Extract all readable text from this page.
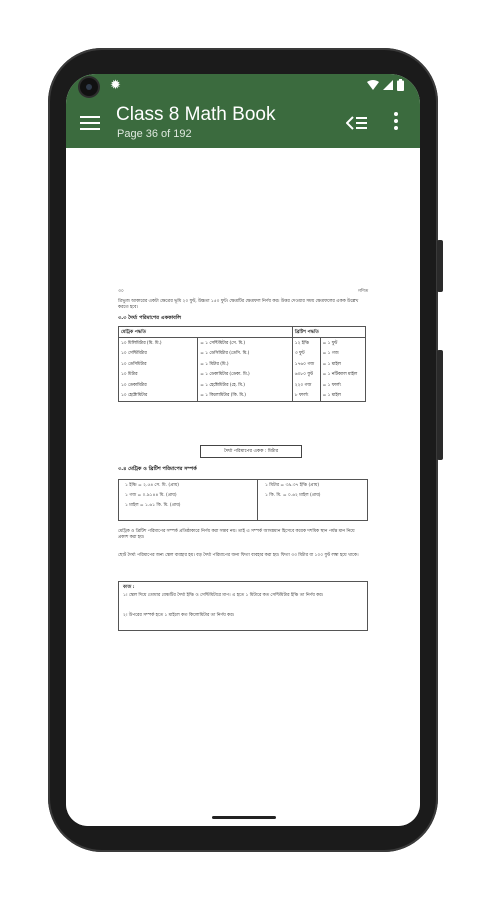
✹
Class 8 Math Book
Page 36 of 192
৩০	গণিত
ত্রিভুজ আকারের একটা ক্ষেত্রের ভূমি ২০ ফুট, উচ্চতা ১৫০ ফুট। ক্ষেত্রটির ক্ষেত্রফল নির্ণয় কর। উত্তর দেওয়ার সময় ক্ষেত্রফলের একক উল্লেখ করতে হবে।
৩.৩ দৈর্ঘ্য পরিমাপের এককাবলি
মেট্রিক পদ্ধতি		ব্রিটিশ পদ্ধতি	
১০ মিলিমিটার (মি. মি.)	= ১ সেন্টিমিটার (সে. মি.)	১২ ইঞ্চি	= ১ ফুট
১০ সেন্টিমিটার	= ১ ডেসিমিটার (ডেসি. মি.)	৩ ফুট	= ১ গজ
১০ ডেসিমিটার	= ১ মিটার (মি.)	১৭৬০ গজ	= ১ মাইল
১০ মিটার	= ১ ডেকামিটার (ডেকা. মি.)	৬০৮০ ফুট	= ১ নটিক্যাল মাইল
১০ ডেকামিটার	= ১ হেক্টোমিটার (হে. মি.)	২২০ গজ	= ১ ফার্লং
১০ হেক্টোমিটার	= ১ কিলোমিটার (কি. মি.)	৮ ফার্লং	= ১ মাইল
দৈর্ঘ্য পরিমাপের একক : মিটার
৩.৪ মেট্রিক ও ব্রিটিশ পরিমাপের সম্পর্ক
১ ইঞ্চি = ২.৫৪ সে. মি. (প্রায়)
১ গজ = ০.৯১৪৪ মি. (প্রায়)
১ মাইল = ১.৬১ কি. মি. (প্রায়)
১ মিটার = ৩৯.৩৭ ইঞ্চি (প্রায়)
১ কি. মি. = ০.৬২ মাইল (প্রায়)
মেট্রিক ও ব্রিটিশ পরিমাপের সম্পর্ক প্রতিষ্ঠাকারে নির্ণয় করা সম্ভব নয়। তাই এ সম্পর্ক আসন্নমান হিসেবে কয়েক দশমিক স্থান পর্যন্ত মান নিয়ে প্রকাশ করা হয়।
ছোট দৈর্ঘ্য পরিমাপের জন্য স্কেল ব্যবহার হয়। বড় দৈর্ঘ্য পরিমাপের জন্য ফিতা ব্যবহার করা হয়। ফিতা ৩৩ মিটার বা ১০০ ফুট লম্বা হয়ে থাকে।
কাজ :
১। স্কেল দিয়ে তোমার বেঞ্চটির দৈর্ঘ্য ইঞ্চি ও সেন্টিমিটারে মাপ। এ হতে ১ মিটারে কত সেন্টিমিটার ইঞ্চি তা নির্ণয় কর।
২। উপরের সম্পর্ক হতে ১ মাইলে কত কিলোমিটার তা নির্ণয় কর।
